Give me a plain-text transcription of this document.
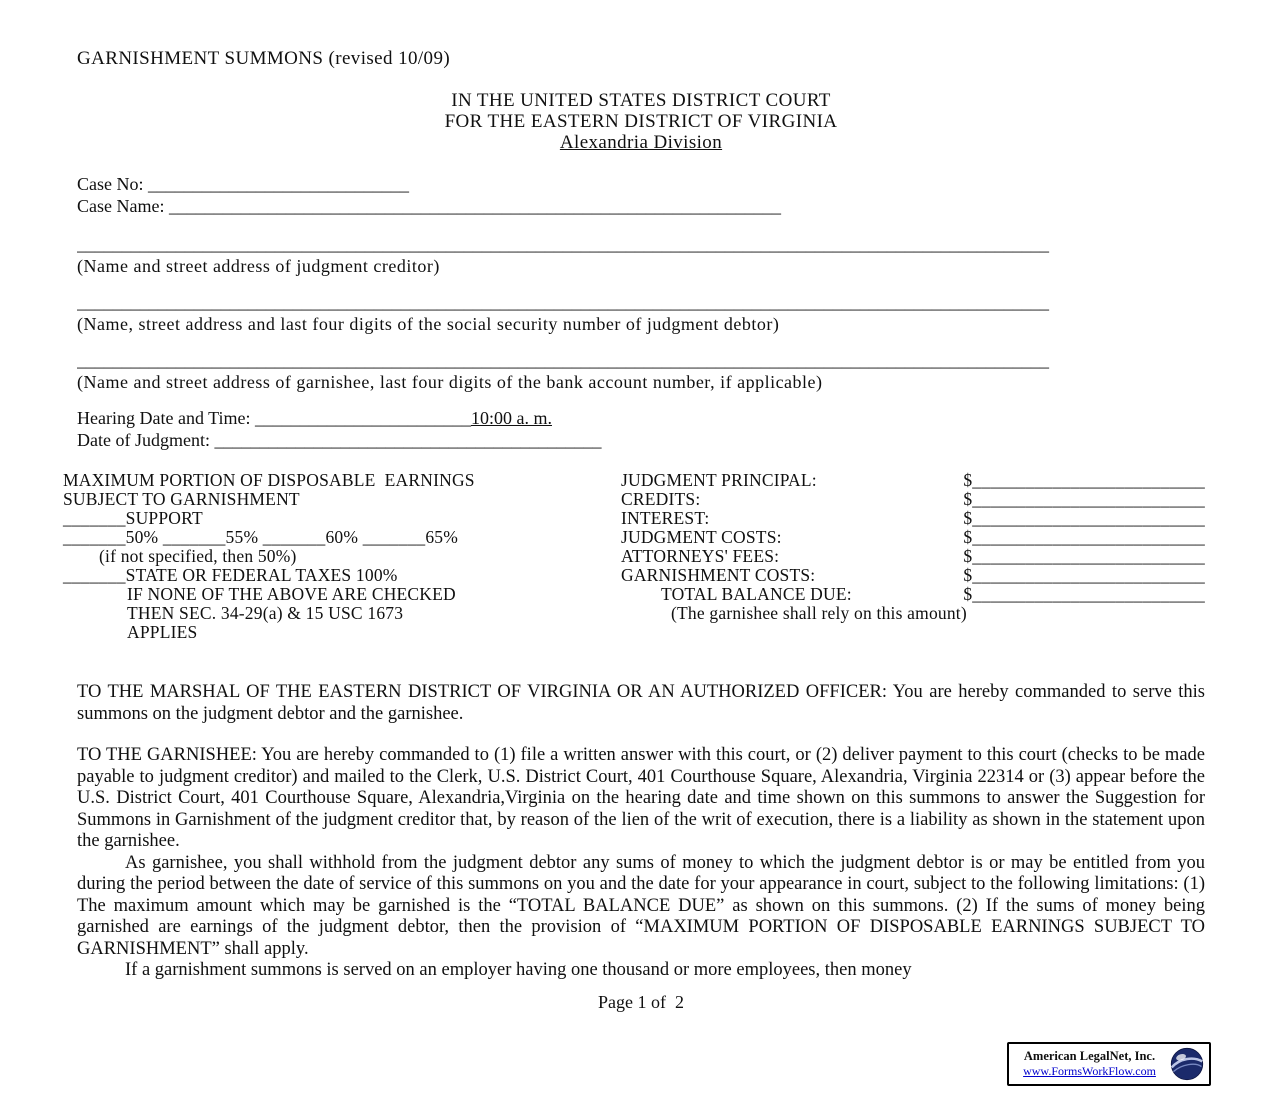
GARNISHMENT SUMMONS (revised 10/09)
IN THE UNITED STATES DISTRICT COURT
FOR THE EASTERN DISTRICT OF VIRGINIA
Alexandria Division
Case No: _____________________________
Case Name: ____________________________________________________________________
____________________________________________________________________________________________________________
(Name and street address of judgment creditor)
____________________________________________________________________________________________________________
(Name, street address and last four digits of the social security number of judgment debtor)
____________________________________________________________________________________________________________
(Name and street address of garnishee, last four digits of the bank account number, if applicable)
Hearing Date and Time: ________________________10:00 a. m.
Date of Judgment: ___________________________________________
MAXIMUM PORTION OF DISPOSABLE  EARNINGS
SUBJECT TO GARNISHMENT
_______SUPPORT
_______50% _______55% _______60% _______65%
(if not specified, then 50%)
_______STATE OR FEDERAL TAXES 100%
IF NONE OF THE ABOVE ARE CHECKED
THEN SEC. 34-29(a) & 15 USC 1673
APPLIES
JUDGMENT PRINCIPAL:	$__________________________
CREDITS:	$__________________________
INTEREST:	$__________________________
JUDGMENT COSTS:	$__________________________
ATTORNEYS' FEES:	$__________________________
GARNISHMENT COSTS:	$__________________________
TOTAL BALANCE DUE:	$__________________________
(The garnishee shall rely on this amount)

TO THE MARSHAL OF THE EASTERN DISTRICT OF VIRGINIA OR AN AUTHORIZED OFFICER: You are hereby commanded to serve this summons on the judgment debtor and the garnishee.

TO THE GARNISHEE: You are hereby commanded to (1) file a written answer with this court, or (2) deliver payment to this court (checks to be made payable to judgment creditor) and mailed to the Clerk, U.S. District Court, 401 Courthouse Square, Alexandria, Virginia 22314 or (3) appear before the U.S. District Court, 401 Courthouse Square, Alexandria,Virginia on the hearing date and time shown on this summons to answer the Suggestion for Summons in Garnishment of the judgment creditor that, by reason of the lien of the writ of execution, there is a liability as shown in the statement upon the garnishee.

As garnishee, you shall withhold from the judgment debtor any sums of money to which the judgment debtor is or may be entitled from you during the period between the date of service of this summons on you and the date for your appearance in court, subject to the following limitations: (1) The maximum amount which may be garnished is the “TOTAL BALANCE DUE” as shown on this summons. (2) If the sums of money being garnished are earnings of the judgment debtor, then the provision of “MAXIMUM PORTION OF DISPOSABLE EARNINGS SUBJECT TO GARNISHMENT” shall apply.

If a garnishment summons is served on an employer having one thousand or more employees, then money

Page 1 of  2
American LegalNet, Inc.
www.FormsWorkFlow.com
